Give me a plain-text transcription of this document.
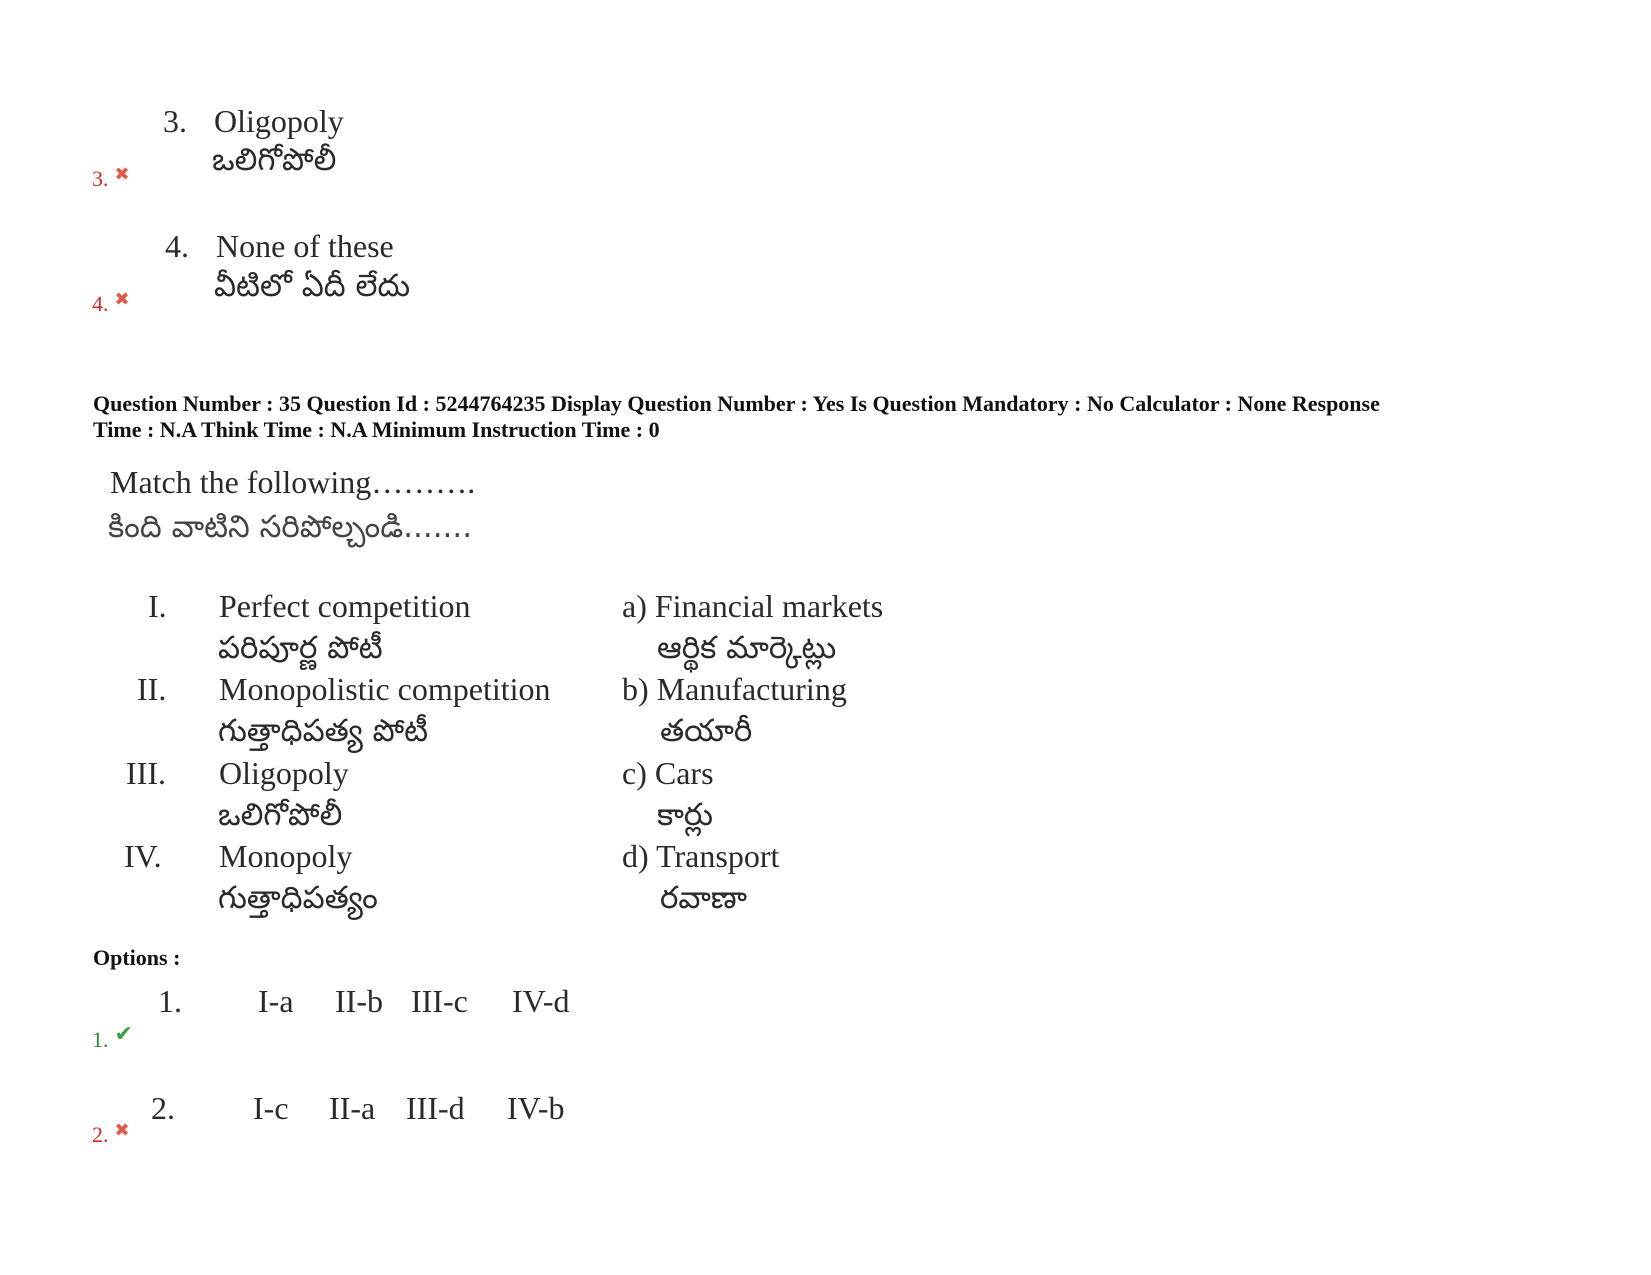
3. Oligopoly
ఒలిగోపోలీ
3. ✖
4. None of these
వీటిలో ఏదీ లేదు
4. ✖
Question Number : 35 Question Id : 5244764235 Display Question Number : Yes Is Question Mandatory : No Calculator : None Response
Time : N.A Think Time : N.A Minimum Instruction Time : 0
Match the following……….
కింది వాటిని సరిపోల్చండి.......
I. Perfect competition
పరిపూర్ణ పోటీ
II. Monopolistic competition
గుత్తాధిపత్య పోటీ
III. Oligopoly
ఒలిగోపోలీ
IV. Monopoly
గుత్తాధిపత్యం
a) Financial markets
ఆర్థిక మార్కెట్లు
b) Manufacturing
తయారీ
c) Cars
కార్లు
d) Transport
రవాణా
Options :
1. I-a II-b III-c IV-d
1. ✔
2. I-c II-a III-d IV-b
2. ✖
